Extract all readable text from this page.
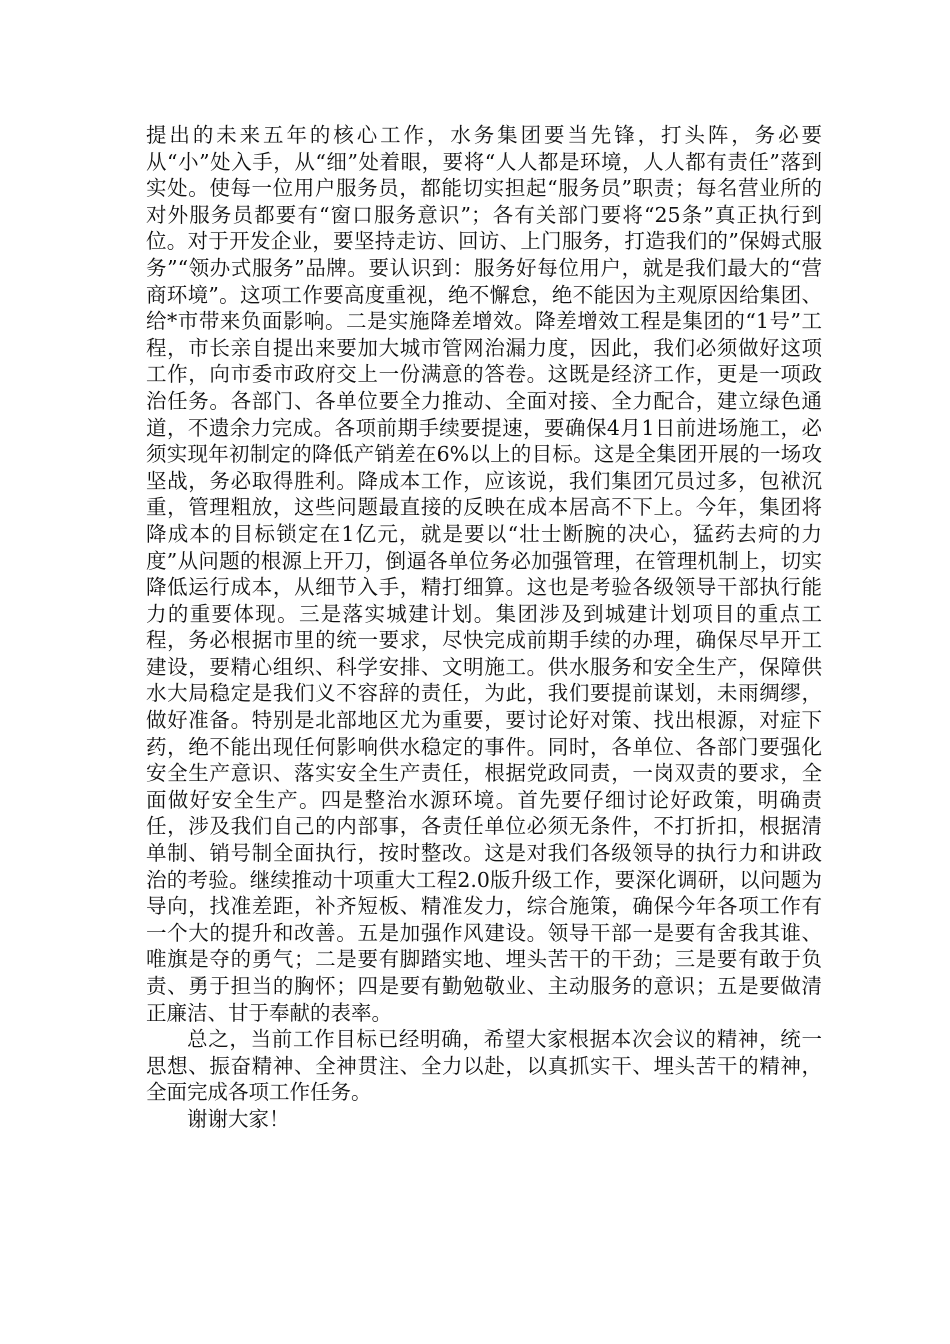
提出的未来五年的核心工作，水务集团要当先锋，打头阵，务必要从“小”处入手，从“细”处着眼，要将“人人都是环境，人人都有责任”落到实处。使每一位用户服务员，都能切实担起“服务员”职责；每名营业所的对外服务员都要有“窗口服务意识”；各有关部门要将“25条”真正执行到位。对于开发企业，要坚持走访、回访、上门服务，打造我们的”保姆式服务”“领办式服务”品牌。要认识到：服务好每位用户，就是我们最大的“营商环境”。这项工作要高度重视，绝不懈怠，绝不能因为主观原因给集团、给*市带来负面影响。二是实施降差增效。降差增效工程是集团的“1号”工程，市长亲自提出来要加大城市管网治漏力度，因此，我们必须做好这项工作，向市委市政府交上一份满意的答卷。这既是经济工作，更是一项政治任务。各部门、各单位要全力推动、全面对接、全力配合，建立绿色通道，不遗余力完成。各项前期手续要提速，要确保4月1日前进场施工，必须实现年初制定的降低产销差在6%以上的目标。这是全集团开展的一场攻坚战，务必取得胜利。降成本工作，应该说，我们集团冗员过多，包袱沉重，管理粗放，这些问题最直接的反映在成本居高不下上。今年，集团将降成本的目标锁定在1亿元，就是要以“壮士断腕的决心，猛药去疴的力度”从问题的根源上开刀，倒逼各单位务必加强管理，在管理机制上，切实降低运行成本，从细节入手，精打细算。这也是考验各级领导干部执行能力的重要体现。三是落实城建计划。集团涉及到城建计划项目的重点工程，务必根据市里的统一要求，尽快完成前期手续的办理，确保尽早开工建设，要精心组织、科学安排、文明施工。供水服务和安全生产，保障供水大局稳定是我们义不容辞的责任，为此，我们要提前谋划，未雨绸缪，做好准备。特别是北部地区尤为重要，要讨论好对策、找出根源，对症下药，绝不能出现任何影响供水稳定的事件。同时，各单位、各部门要强化安全生产意识、落实安全生产责任，根据党政同责，一岗双责的要求，全面做好安全生产。四是整治水源环境。首先要仔细讨论好政策，明确责任，涉及我们自己的内部事，各责任单位必须无条件，不打折扣，根据清单制、销号制全面执行，按时整改。这是对我们各级领导的执行力和讲政治的考验。继续推动十项重大工程2.0版升级工作，要深化调研，以问题为导向，找准差距，补齐短板、精准发力，综合施策，确保今年各项工作有一个大的提升和改善。五是加强作风建设。领导干部一是要有舍我其谁、唯旗是夺的勇气；二是要有脚踏实地、埋头苦干的干劲；三是要有敢于负责、勇于担当的胸怀；四是要有勤勉敬业、主动服务的意识；五是要做清正廉洁、甘于奉献的表率。

总之，当前工作目标已经明确，希望大家根据本次会议的精神，统一思想、振奋精神、全神贯注、全力以赴，以真抓实干、埋头苦干的精神，全面完成各项工作任务。

谢谢大家！
